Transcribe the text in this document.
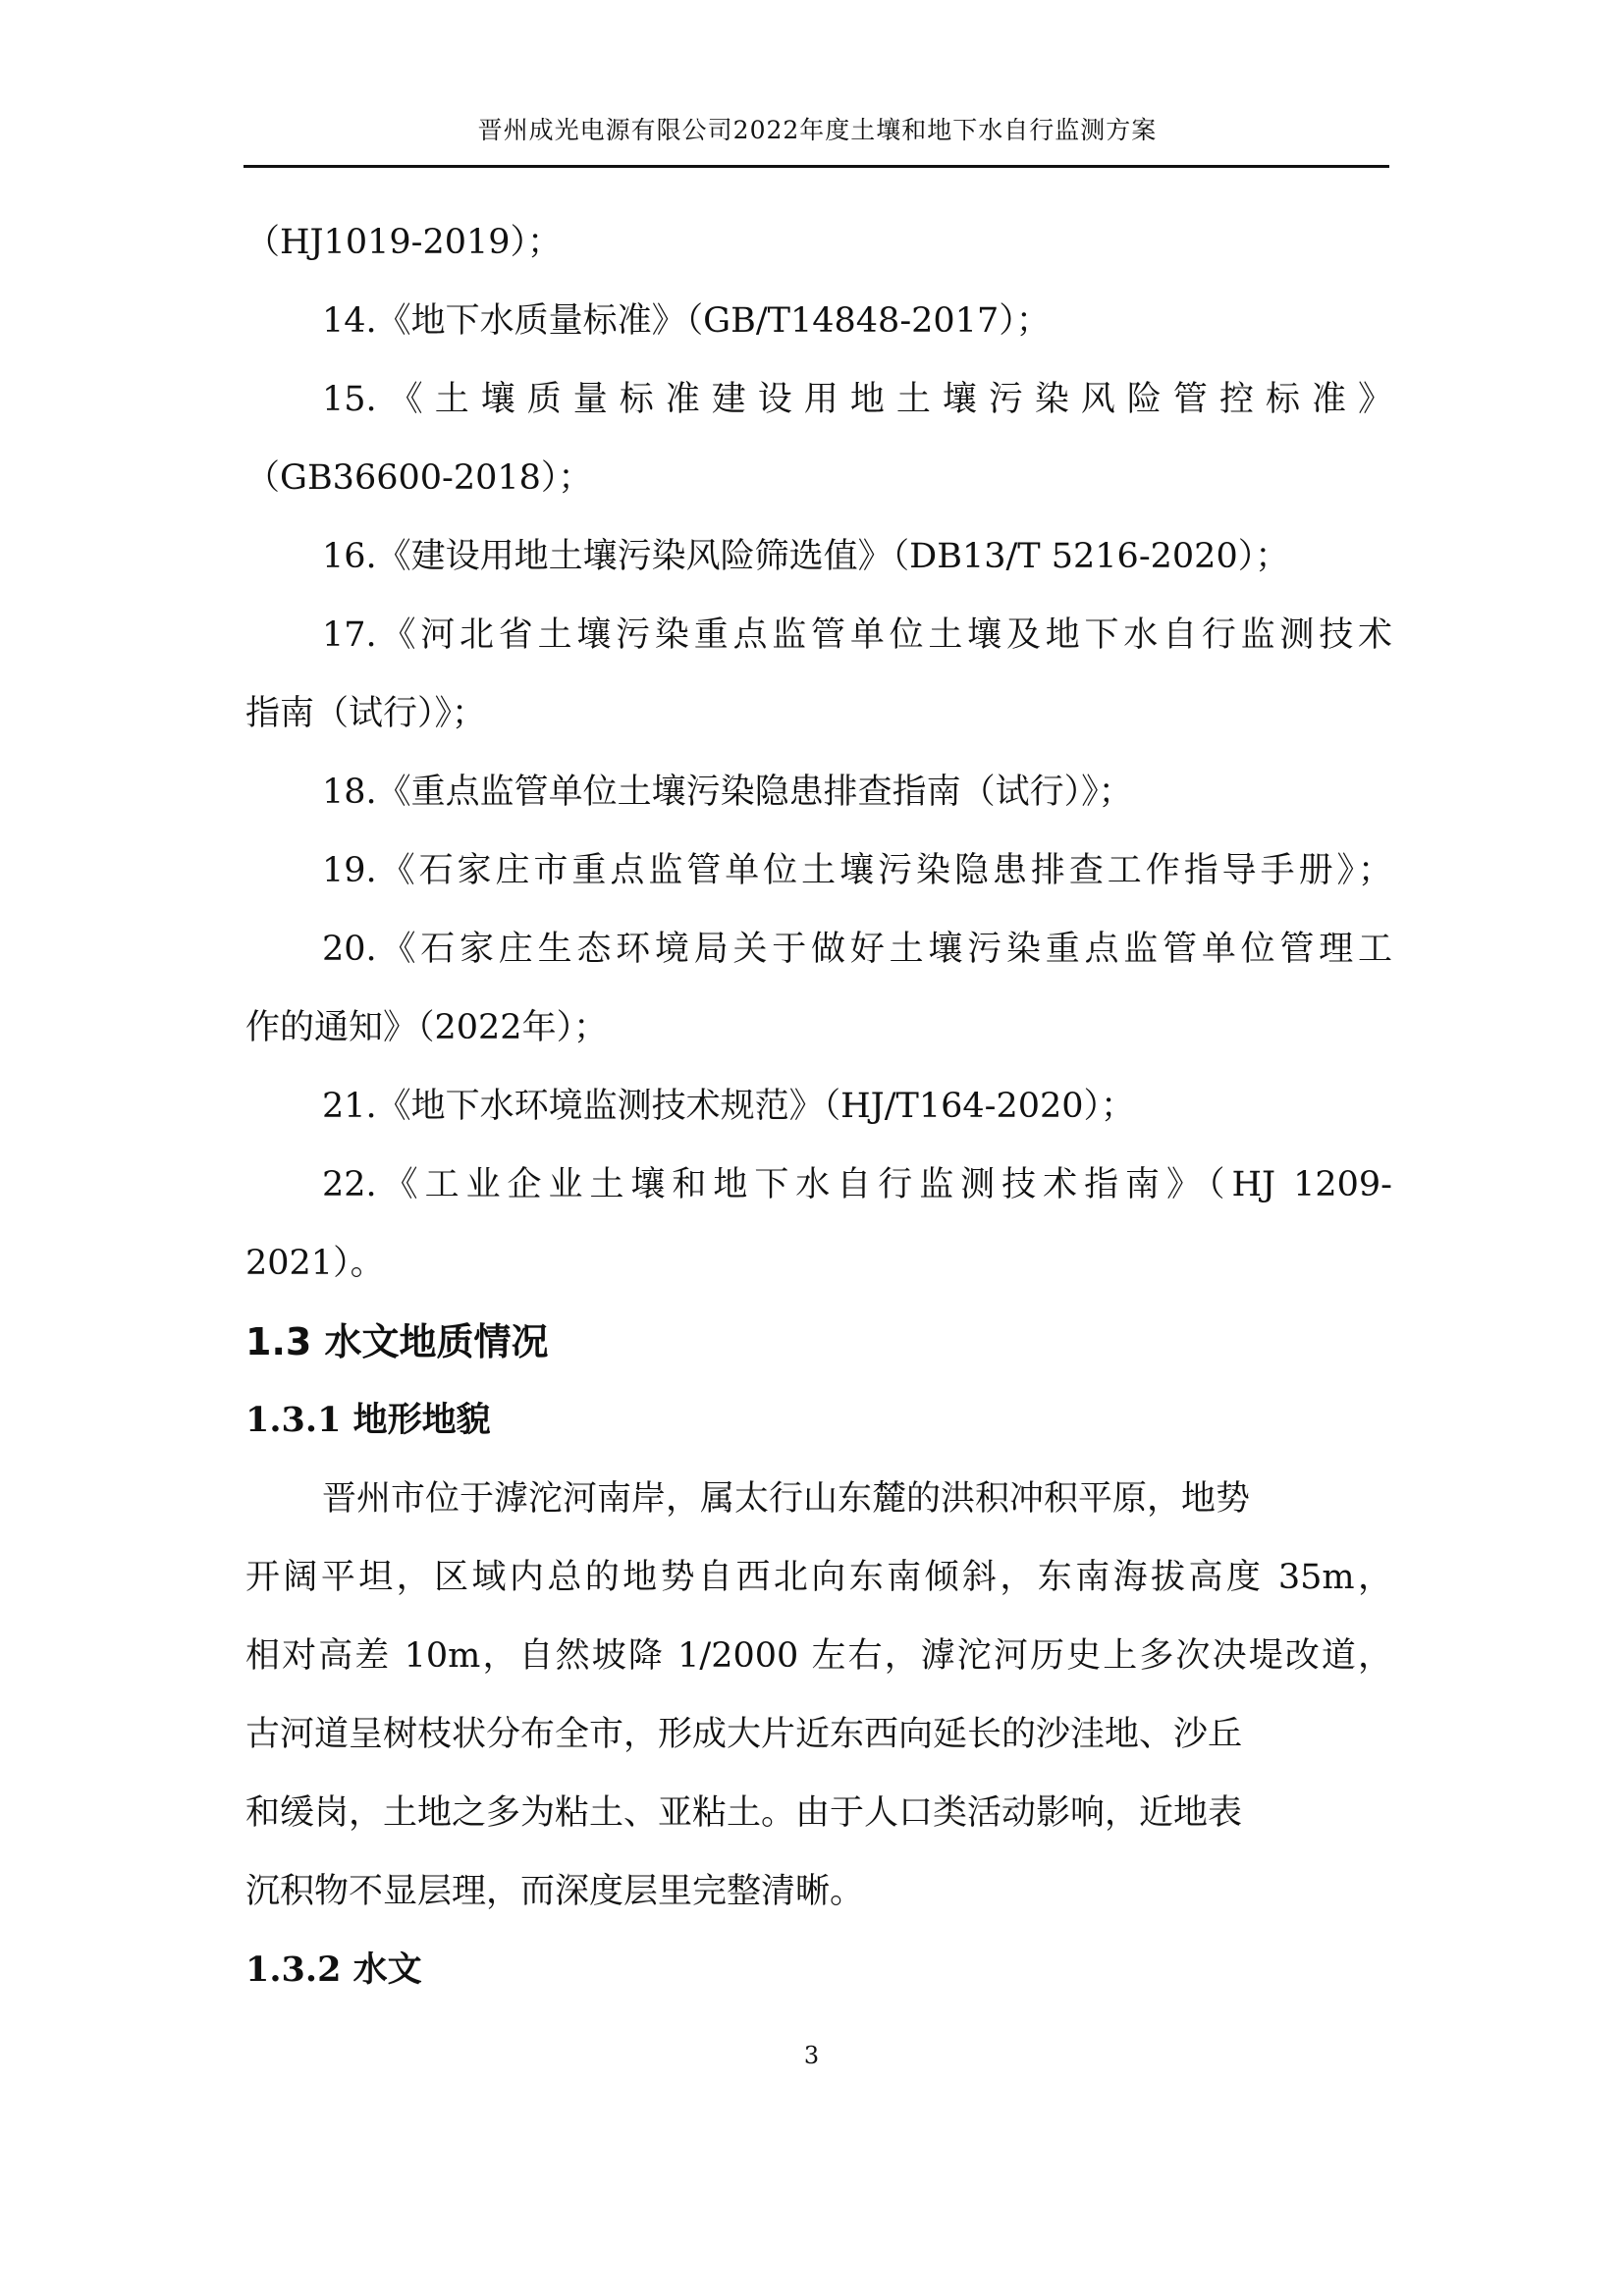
晋州成光电源有限公司2022年度土壤和地下水自行监测方案
（HJ1019-2019）；
14.《地下水质量标准》（GB/T14848-2017）；
15.《土壤质量标准建设用地土壤污染风险管控标准》
（GB36600-2018）；
16.《建设用地土壤污染风险筛选值》（DB13/T 5216-2020）；
17.《河北省土壤污染重点监管单位土壤及地下水自行监测技术
指南（试行）》；
18.《重点监管单位土壤污染隐患排查指南（试行）》；
19.《石家庄市重点监管单位土壤污染隐患排查工作指导手册》；
20.《石家庄生态环境局关于做好土壤污染重点监管单位管理工
作的通知》（2022年）；
21.《地下水环境监测技术规范》（HJ/T164-2020）；
22.《工业企业土壤和地下水自行监测技术指南》（HJ 1209-
2021）。
1.3 水文地质情况
1.3.1 地形地貌
晋州市位于滹沱河南岸，属太行山东麓的洪积冲积平原，地势
开阔平坦，区域内总的地势自西北向东南倾斜，东南海拔高度 35m，
相对高差 10m，自然坡降 1/2000 左右，滹沱河历史上多次决堤改道，
古河道呈树枝状分布全市，形成大片近东西向延长的沙洼地、沙丘
和缓岗，土地之多为粘土、亚粘土。由于人口类活动影响，近地表
沉积物不显层理，而深度层里完整清晰。
1.3.2 水文
3
